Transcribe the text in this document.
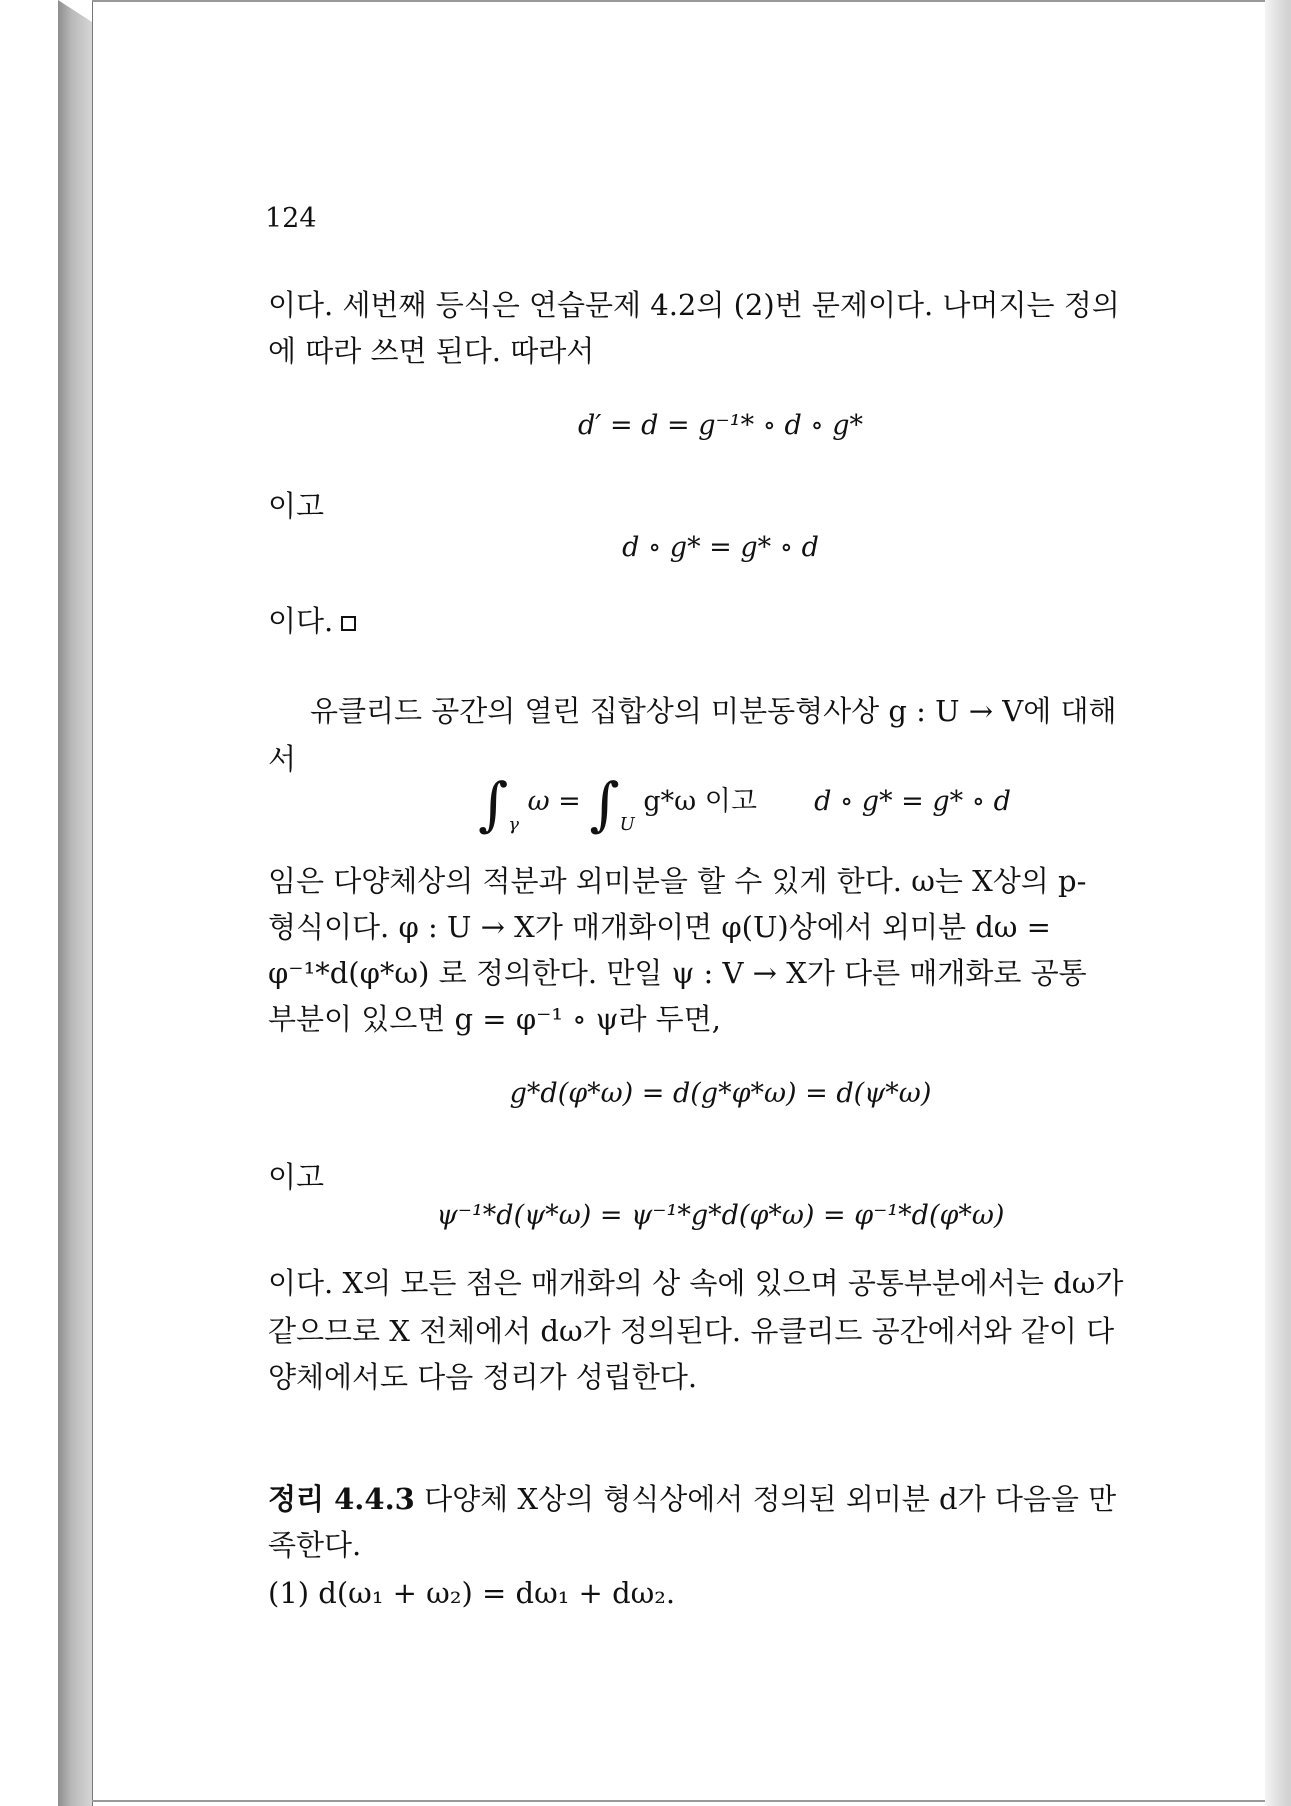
124
이다. 세번째 등식은 연습문제 4.2의 (2)번 문제이다. 나머지는 정의
에 따라 쓰면 된다. 따라서
d′ = d = g⁻¹* ∘ d ∘ g*
이고
d ∘ g* = g* ∘ d
이다.
유클리드 공간의 열린 집합상의 미분동형사상 g : U → V에 대해
서
$\int_\gamma$ $\omega = \int_U$ g*ω 이고 d ∘ g* = g* ∘ d
임은 다양체상의 적분과 외미분을 할 수 있게 한다. ω는 X상의 p-
형식이다. φ : U → X가 매개화이면 φ(U)상에서 외미분 dω =
φ⁻¹*d(φ*ω) 로 정의한다. 만일 ψ : V → X가 다른 매개화로 공통
부분이 있으면 g = φ⁻¹ ∘ ψ라 두면,
g*d(φ*ω) = d(g*φ*ω) = d(ψ*ω)
이고
ψ⁻¹*d(ψ*ω) = ψ⁻¹*g*d(φ*ω) = φ⁻¹*d(φ*ω)
이다. X의 모든 점은 매개화의 상 속에 있으며 공통부분에서는 dω가
같으므로 X 전체에서 dω가 정의된다. 유클리드 공간에서와 같이 다
양체에서도 다음 정리가 성립한다.
정리 4.4.3 다양체 X상의 형식상에서 정의된 외미분 d가 다음을 만
족한다.
(1) d(ω₁ + ω₂) = dω₁ + dω₂.
